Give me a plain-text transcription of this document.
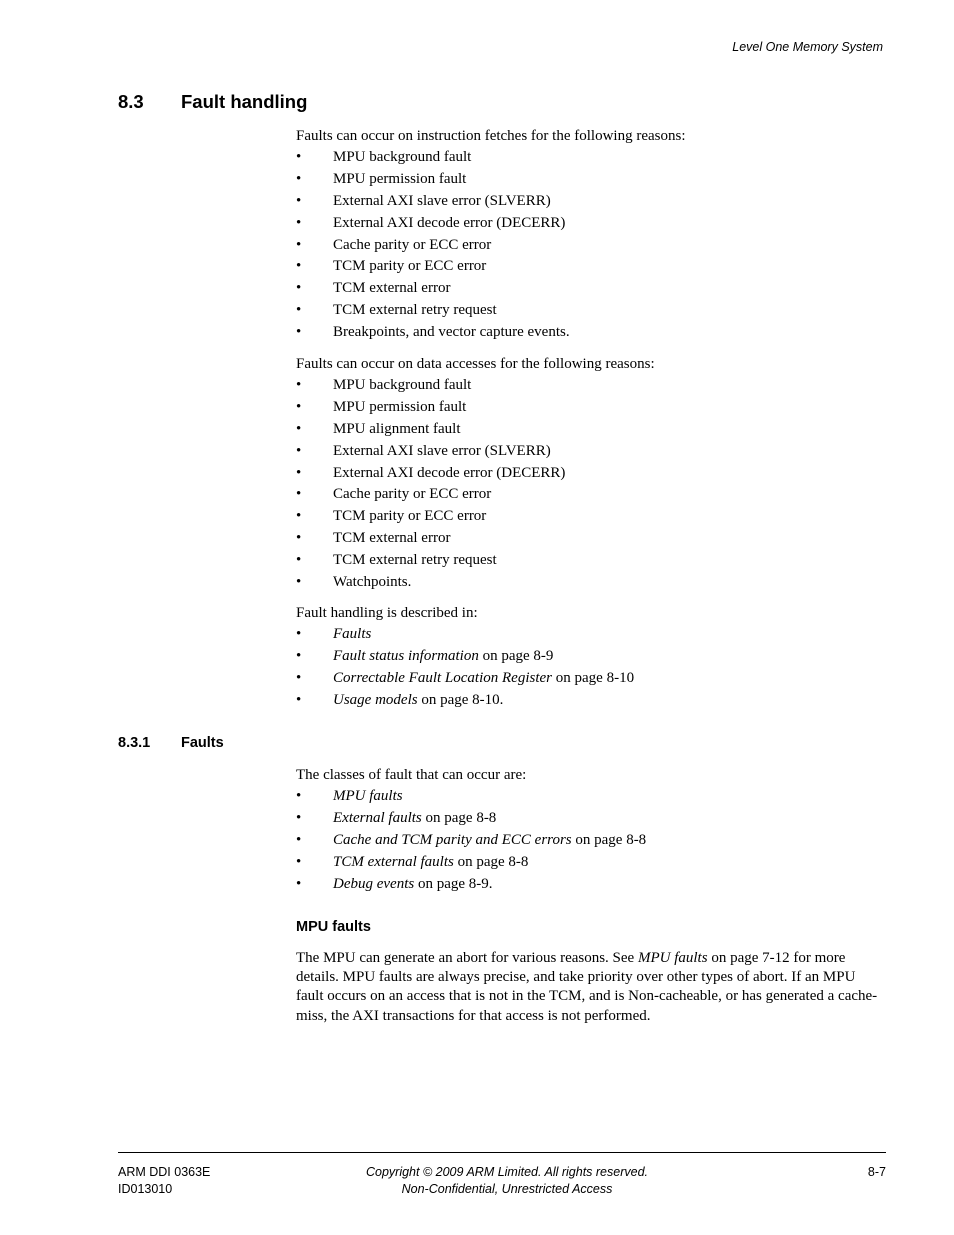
Level One Memory System
8.3 Fault handling
Faults can occur on instruction fetches for the following reasons:
• MPU background fault
• MPU permission fault
• External AXI slave error (SLVERR)
• External AXI decode error (DECERR)
• Cache parity or ECC error
• TCM parity or ECC error
• TCM external error
• TCM external retry request
• Breakpoints, and vector capture events.
Faults can occur on data accesses for the following reasons:
• MPU background fault
• MPU permission fault
• MPU alignment fault
• External AXI slave error (SLVERR)
• External AXI decode error (DECERR)
• Cache parity or ECC error
• TCM parity or ECC error
• TCM external error
• TCM external retry request
• Watchpoints.
Fault handling is described in:
• Faults
• Fault status information on page 8-9
• Correctable Fault Location Register on page 8-10
• Usage models on page 8-10.
8.3.1 Faults
The classes of fault that can occur are:
• MPU faults
• External faults on page 8-8
• Cache and TCM parity and ECC errors on page 8-8
• TCM external faults on page 8-8
• Debug events on page 8-9.
MPU faults
The MPU can generate an abort for various reasons. See MPU faults on page 7-12 for more details. MPU faults are always precise, and take priority over other types of abort. If an MPU fault occurs on an access that is not in the TCM, and is Non-cacheable, or has generated a cache-miss, the AXI transactions for that access is not performed.
ARM DDI 0363E
ID013010
Copyright © 2009 ARM Limited. All rights reserved.
Non-Confidential, Unrestricted Access
8-7
